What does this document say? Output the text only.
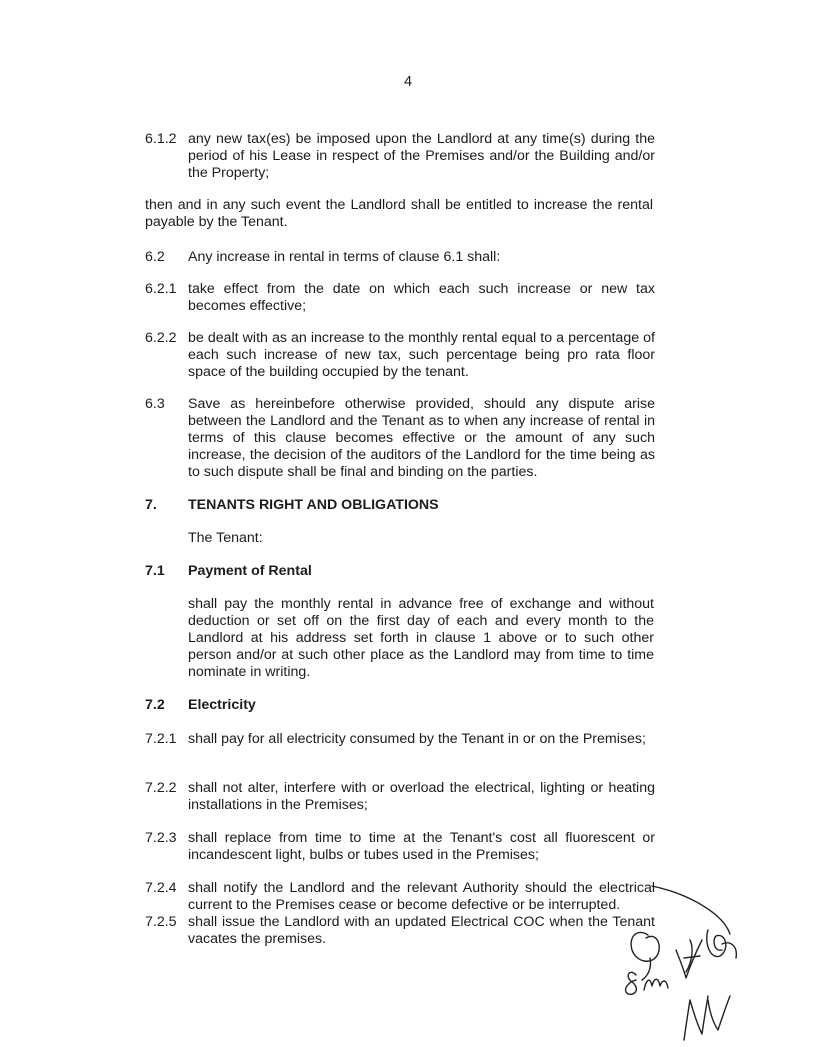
4
6.1.2 any new tax(es) be imposed upon the Landlord at any time(s) during the period of his Lease in respect of the Premises and/or the Building and/or the Property;
then and in any such event the Landlord shall be entitled to increase the rental payable by the Tenant.
6.2 Any increase in rental in terms of clause 6.1 shall:
6.2.1 take effect from the date on which each such increase or new tax becomes effective;
6.2.2 be dealt with as an increase to the monthly rental equal to a percentage of each such increase of new tax, such percentage being pro rata floor space of the building occupied by the tenant.
6.3 Save as hereinbefore otherwise provided, should any dispute arise between the Landlord and the Tenant as to when any increase of rental in terms of this clause becomes effective or the amount of any such increase, the decision of the auditors of the Landlord for the time being as to such dispute shall be final and binding on the parties.
7. TENANTS RIGHT AND OBLIGATIONS
The Tenant:
7.1 Payment of Rental
shall pay the monthly rental in advance free of exchange and without deduction or set off on the first day of each and every month to the Landlord at his address set forth in clause 1 above or to such other person and/or at such other place as the Landlord may from time to time nominate in writing.
7.2 Electricity
7.2.1 shall pay for all electricity consumed by the Tenant in or on the Premises;
7.2.2 shall not alter, interfere with or overload the electrical, lighting or heating installations in the Premises;
7.2.3 shall replace from time to time at the Tenant's cost all fluorescent or incandescent light, bulbs or tubes used in the Premises;
7.2.4 shall notify the Landlord and the relevant Authority should the electrical current to the Premises cease or become defective or be interrupted.
7.2.5 shall issue the Landlord with an updated Electrical COC when the Tenant vacates the premises.
